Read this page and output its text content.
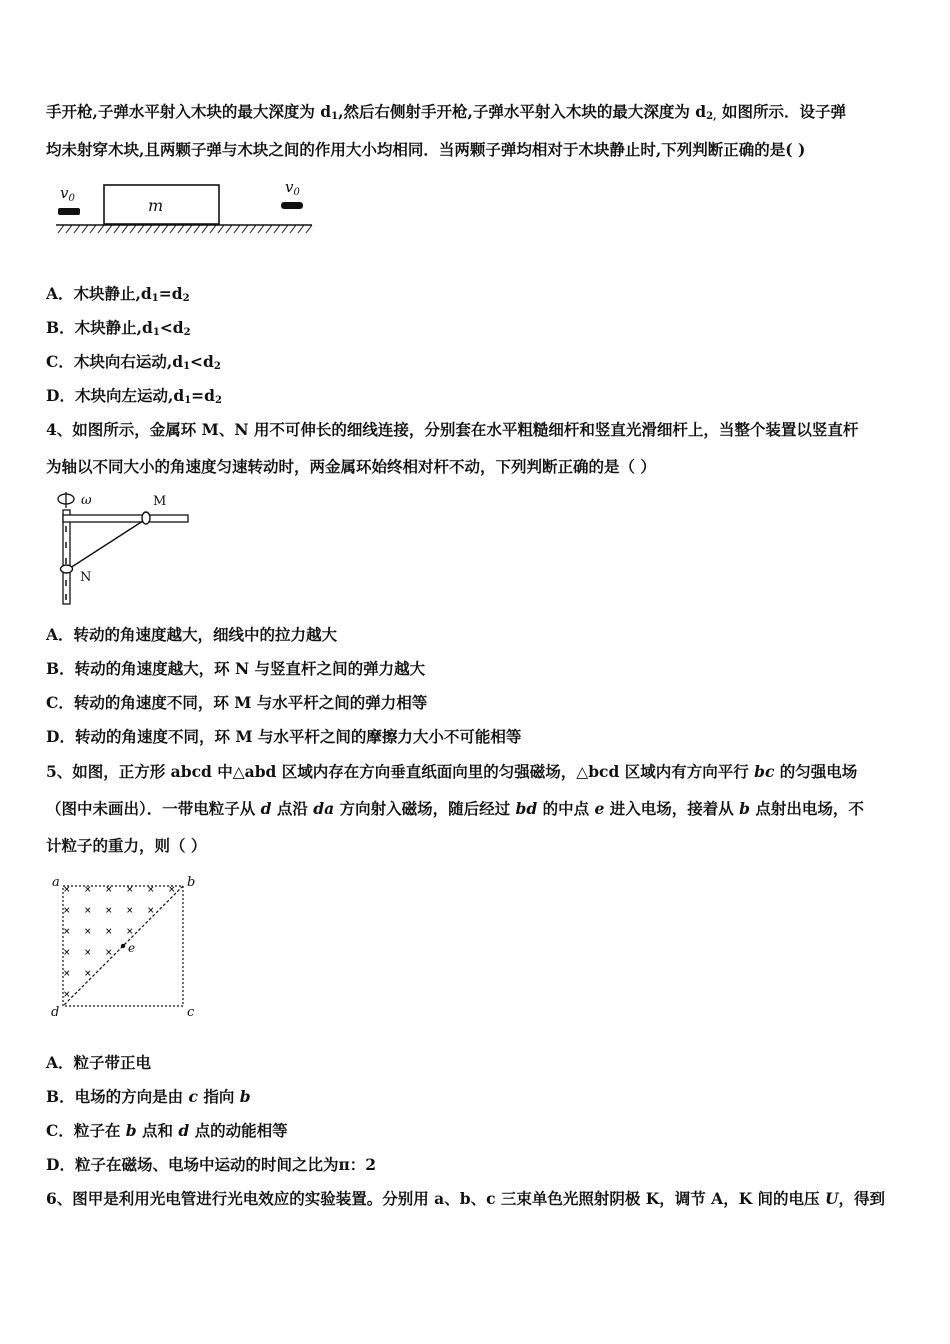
手开枪,子弹水平射入木块的最大深度为 $d_1$,然后右侧射手开枪,子弹水平射入木块的最大深度为 $d_{2,}$ 如图所示．设子弹
均未射穿木块,且两颗子弹与木块之间的作用大小均相同．当两颗子弹均相对于木块静止时,下列判断正确的是( )
$v_0$	m
$v_0$
A．木块静止$,d_1=d_2$
B．木块静止$,d_1<d_2$
C．木块向右运动$,d_1<d_2$
D．木块向左运动$,d_1=d_2$
4、如图所示，金属环 M、N 用不可伸长的细线连接，分别套在水平粗糙细杆和竖直光滑细杆上，当整个装置以竖直杆
为轴以不同大小的角速度匀速转动时，两金属环始终相对杆不动，下列判断正确的是（ ）
ω	M
N
A．转动的角速度越大，细线中的拉力越大
B．转动的角速度越大，环 N 与竖直杆之间的弹力越大
C．转动的角速度不同，环 M 与水平杆之间的弹力相等
D．转动的角速度不同，环 M 与水平杆之间的摩擦力大小不可能相等
5、如图，正方形 abcd 中△abd 区域内存在方向垂直纸面向里的匀强磁场，△bcd 区域内有方向平行 bc 的匀强电场
（图中未画出）．一带电粒子从 d 点沿 da 方向射入磁场，随后经过 bd 的中点 e 进入电场，接着从 b 点射出电场，不
计粒子的重力，则（ ）
× × × × × ×
× × × × ×
× × × ×
× × ×
× ×
×
a	b
c
d
e
A．粒子带正电
B．电场的方向是由 c 指向 b
C．粒子在 b 点和 d 点的动能相等
D．粒子在磁场、电场中运动的时间之比为π：2
6、图甲是利用光电管进行光电效应的实验装置。分别用 a、b、c 三束单色光照射阴极 K，调节 A，K 间的电压 U，得到
